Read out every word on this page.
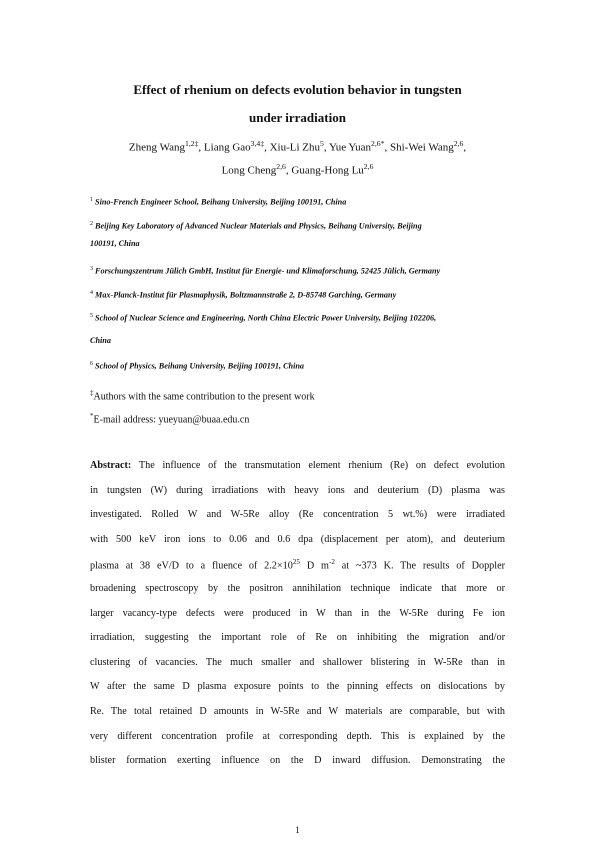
Effect of rhenium on defects evolution behavior in tungsten
under irradiation
Zheng Wang$^{1,2\ddagger}$, Liang Gao$^{3,4\ddagger}$, Xiu-Li Zhu$^5$, Yue Yuan$^{2,6*}$, Shi-Wei Wang$^{2,6}$,
Long Cheng$^{2,6}$, Guang-Hong Lu$^{2,6}$
$^1$ Sino-French Engineer School, Beihang University, Beijing 100191, China
$^2$ Beijing Key Laboratory of Advanced Nuclear Materials and Physics, Beihang University, Beijing
100191, China
$^3$ Forschungszentrum Jülich GmbH, Institut für Energie- und Klimaforschung, 52425 Jülich, Germany
$^4$ Max-Planck-Institut für Plasmaphysik, Boltzmannstraße 2, D-85748 Garching, Germany
$^5$ School of Nuclear Science and Engineering, North China Electric Power University, Beijing 102206,
China
$^6$ School of Physics, Beihang University, Beijing 100191, China
‡Authors with the same contribution to the present work
*E-mail address: yueyuan@buaa.edu.cn
Abstract: The influence of the transmutation element rhenium (Re) on defect evolution
in tungsten (W) during irradiations with heavy ions and deuterium (D) plasma was
investigated. Rolled W and W-5Re alloy (Re concentration 5 wt.%) were irradiated
with 500 keV iron ions to 0.06 and 0.6 dpa (displacement per atom), and deuterium
plasma at 38 eV/D to a fluence of $2.2\times 10^{25}$ D $m^{-2}$ at ~373 K. The results of Doppler
broadening spectroscopy by the positron annihilation technique indicate that more or
larger vacancy-type defects were produced in W than in the W-5Re during Fe ion
irradiation, suggesting the important role of Re on inhibiting the migration and/or
clustering of vacancies. The much smaller and shallower blistering in W-5Re than in
W after the same D plasma exposure points to the pinning effects on dislocations by
Re. The total retained D amounts in W-5Re and W materials are comparable, but with
very different concentration profile at corresponding depth. This is explained by the
blister formation exerting influence on the D inward diffusion. Demonstrating the
1
